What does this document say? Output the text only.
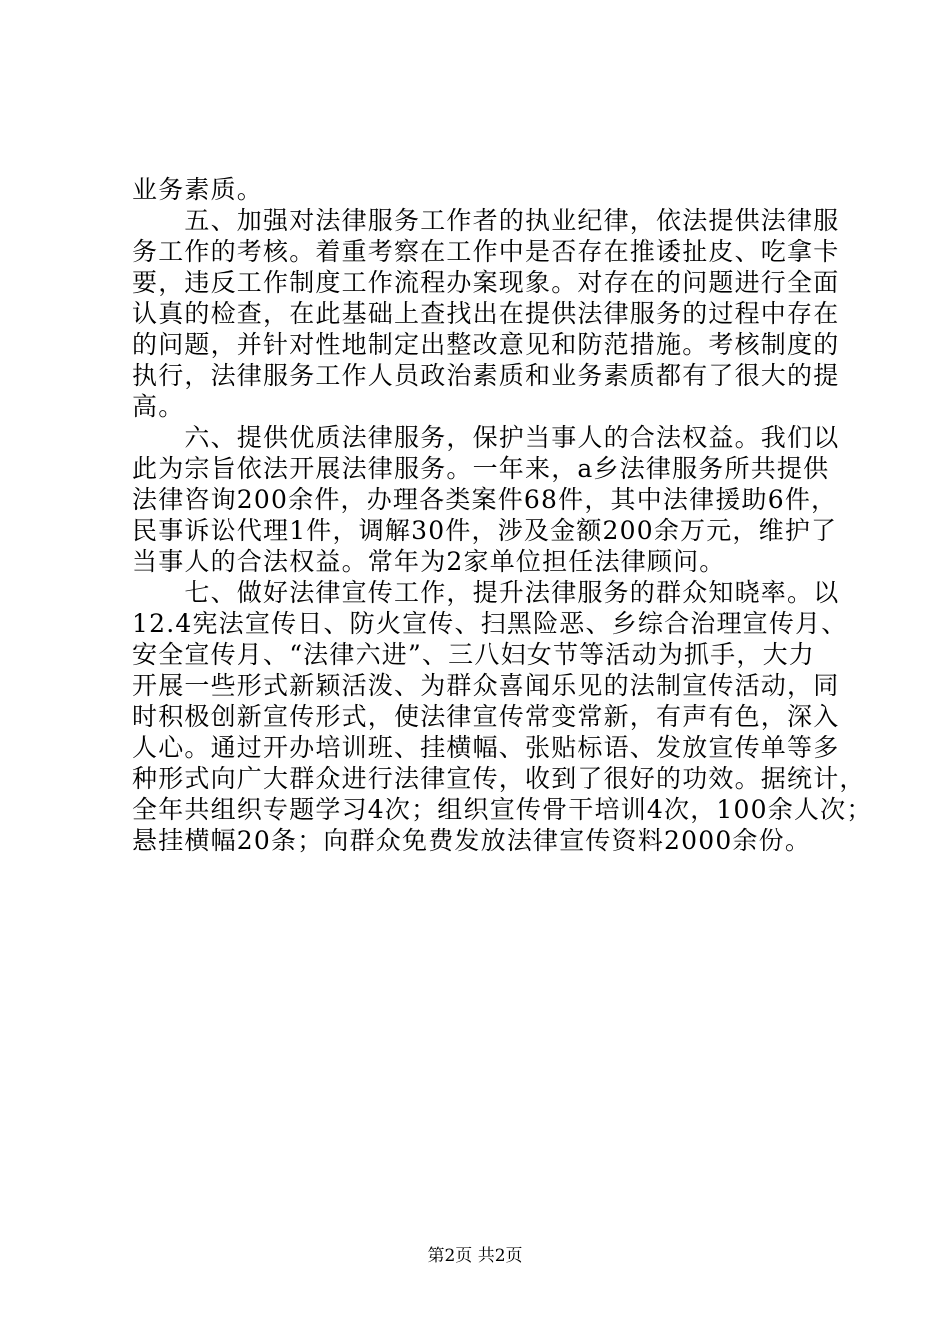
业务素质。
　　五、加强对法律服务工作者的执业纪律，依法提供法律服
务工作的考核。着重考察在工作中是否存在推诿扯皮、吃拿卡
要，违反工作制度工作流程办案现象。对存在的问题进行全面
认真的检查，在此基础上查找出在提供法律服务的过程中存在
的问题，并针对性地制定出整改意见和防范措施。考核制度的
执行，法律服务工作人员政治素质和业务素质都有了很大的提
高。
　　六、提供优质法律服务，保护当事人的合法权益。我们以
此为宗旨依法开展法律服务。一年来，a乡法律服务所共提供
法律咨询200余件，办理各类案件68件，其中法律援助6件，
民事诉讼代理1件，调解30件，涉及金额200余万元，维护了
当事人的合法权益。常年为2家单位担任法律顾问。
　　七、做好法律宣传工作，提升法律服务的群众知晓率。以
12.4宪法宣传日、防火宣传、扫黑险恶、乡综合治理宣传月、
安全宣传月、“法律六进”、三八妇女节等活动为抓手，大力
开展一些形式新颖活泼、为群众喜闻乐见的法制宣传活动，同
时积极创新宣传形式，使法律宣传常变常新，有声有色，深入
人心。通过开办培训班、挂横幅、张贴标语、发放宣传单等多
种形式向广大群众进行法律宣传，收到了很好的功效。据统计，
全年共组织专题学习4次；组织宣传骨干培训4次，100余人次；
悬挂横幅20条；向群众免费发放法律宣传资料2000余份。
第2页 共2页
